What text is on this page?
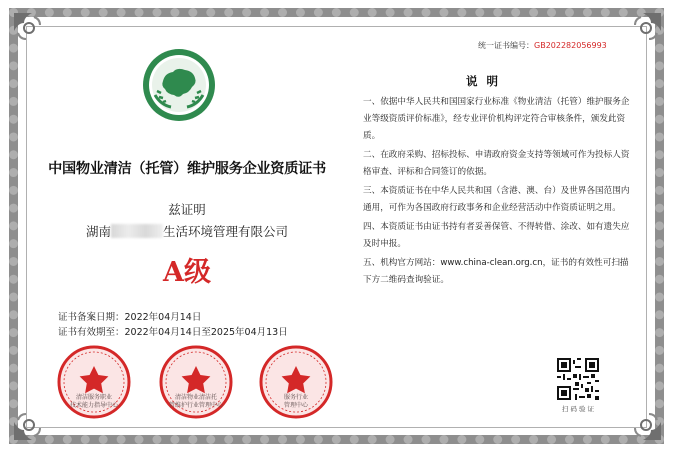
中国物业清洁（托管）维护服务企业资质证书
兹证明
湖南	生活环境管理有限公司
A级
证书备案日期：2022年04月14日
证书有效期至：2022年04月14日至2025年04月13日
清洁服务职业
技术能力指导中心
清洁物业清洁托
管维护行业管理中心
服务行业
管理中心
统一证书编号：GB202282056993
说明

一、依据中华人民共和国国家行业标准《物业清洁（托管）维护服务企业等级资质评价标准》，经专业评价机构评定符合审核条件，颁发此资质。

二、在政府采购、招标投标、申请政府资金支持等领域可作为投标人资格审查、评标和合同签订的依据。

三、本资质证书在中华人民共和国（含港、澳、台）及世界各国范围内通用，可作为各国政府行政事务和企业经营活动中作资质证明之用。

四、本资质证书由证书持有者妥善保管、不得转借、涂改、如有遗失应及时申报。

五、机构官方网站：www.china-clean.org.cn，证书的有效性可扫描下方二维码查询验证。

扫码验证
